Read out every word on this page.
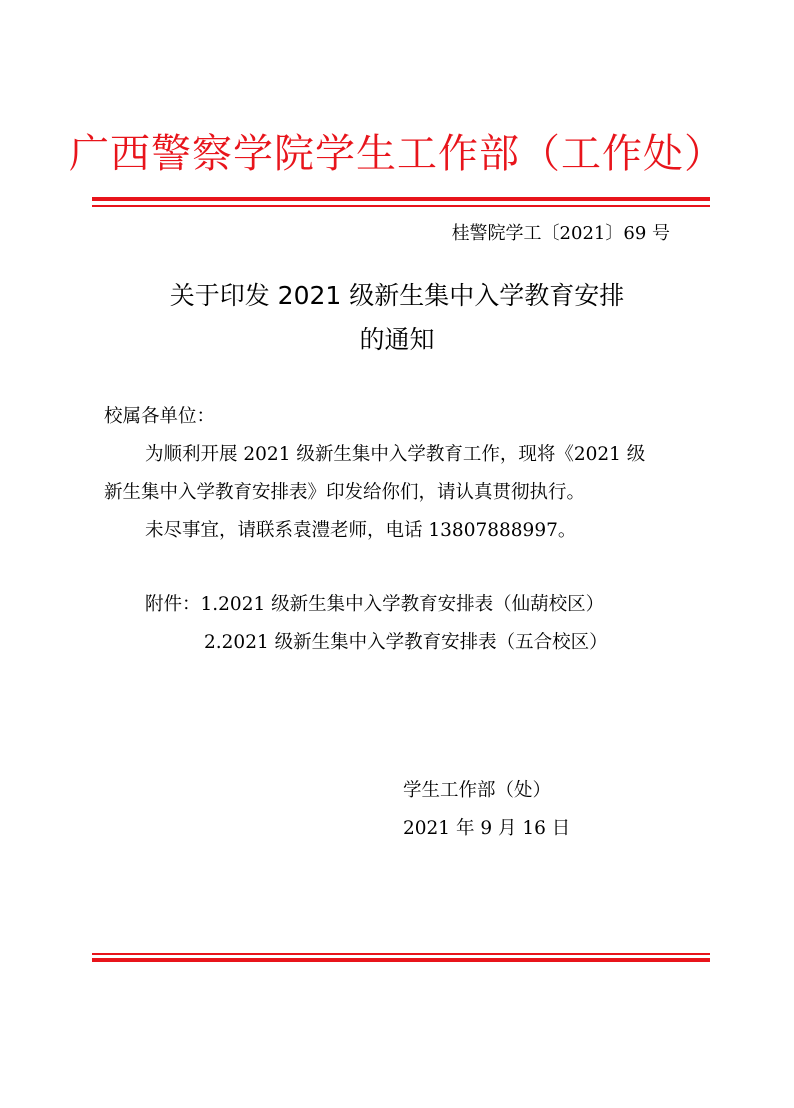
广西警察学院学生工作部（工作处）
桂警院学工〔2021〕69 号
关于印发 2021 级新生集中入学教育安排
的通知
校属各单位：
为顺利开展 2021 级新生集中入学教育工作，现将《2021 级
新生集中入学教育安排表》印发给你们，请认真贯彻执行。
未尽事宜，请联系袁澧老师，电话 13807888997。
附件：1.2021 级新生集中入学教育安排表（仙葫校区）
2.2021 级新生集中入学教育安排表（五合校区）
学生工作部（处）
2021 年 9 月 16 日
